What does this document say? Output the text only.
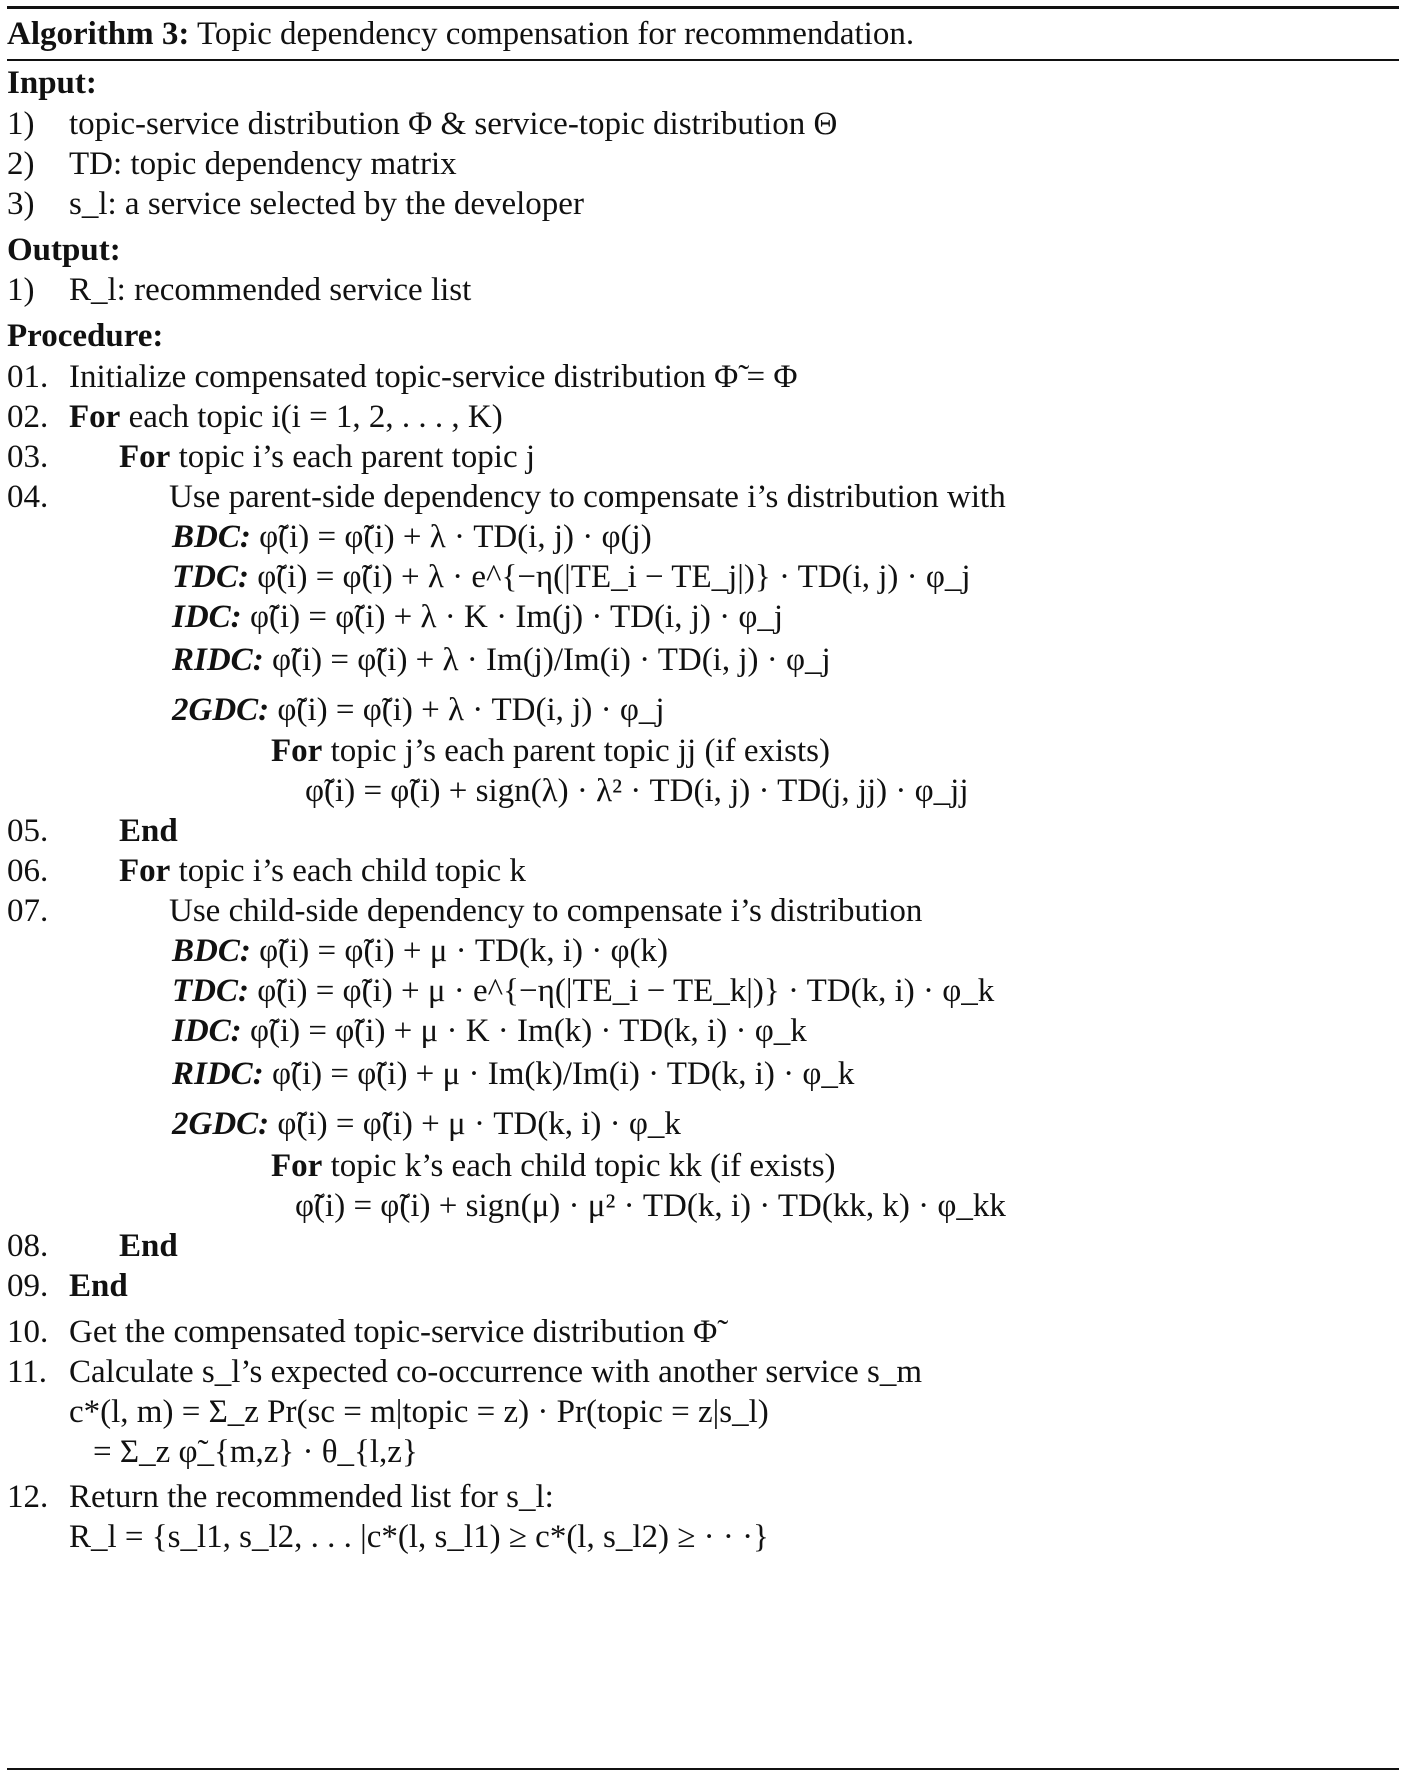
Algorithm 3: Topic dependency compensation for recommendation.
Input:
1)	topic-service distribution Φ & service-topic distribution Θ
2)	TD: topic dependency matrix
3)	s_l: a service selected by the developer
Output:
1)	R_l: recommended service list
Procedure:
01. Initialize compensated topic-service distribution Φ̃ = Φ
02. For each topic i(i = 1, 2, . . . , K)
03.	For topic i’s each parent topic j
04.	Use parent-side dependency to compensate i’s distribution with
BDC: φ̃(i) = φ̃(i) + λ · TD(i, j) · φ(j)
TDC: φ̃(i) = φ̃(i) + λ · e^{−η(|TE_i − TE_j|)} · TD(i, j) · φ_j
IDC: φ̃(i) = φ̃(i) + λ · K · Im(j) · TD(i, j) · φ_j
RIDC: φ̃(i) = φ̃(i) + λ · Im(j)/Im(i) · TD(i, j) · φ_j
2GDC: φ̃(i) = φ̃(i) + λ · TD(i, j) · φ_j
For topic j’s each parent topic jj (if exists)
φ̃(i) = φ̃(i) + sign(λ) · λ² · TD(i, j) · TD(j, jj) · φ_jj
05.	End
06.	For topic i’s each child topic k
07.	Use child-side dependency to compensate i’s distribution
BDC: φ̃(i) = φ̃(i) + μ · TD(k, i) · φ(k)
TDC: φ̃(i) = φ̃(i) + μ · e^{−η(|TE_i − TE_k|)} · TD(k, i) · φ_k
IDC: φ̃(i) = φ̃(i) + μ · K · Im(k) · TD(k, i) · φ_k
RIDC: φ̃(i) = φ̃(i) + μ · Im(k)/Im(i) · TD(k, i) · φ_k
2GDC: φ̃(i) = φ̃(i) + μ · TD(k, i) · φ_k
For topic k’s each child topic kk (if exists)
φ̃(i) = φ̃(i) + sign(μ) · μ² · TD(k, i) · TD(kk, k) · φ_kk
08.	End
09. End
10. Get the compensated topic-service distribution Φ̃
11. Calculate s_l’s expected co-occurrence with another service s_m
c*(l, m) = Σ_z Pr(sc = m|topic = z) · Pr(topic = z|s_l)
= Σ_z φ̃_{m,z} · θ_{l,z}
12. Return the recommended list for s_l:
R_l = {s_l1, s_l2, . . . |c*(l, s_l1) ≥ c*(l, s_l2) ≥ · · ·}
